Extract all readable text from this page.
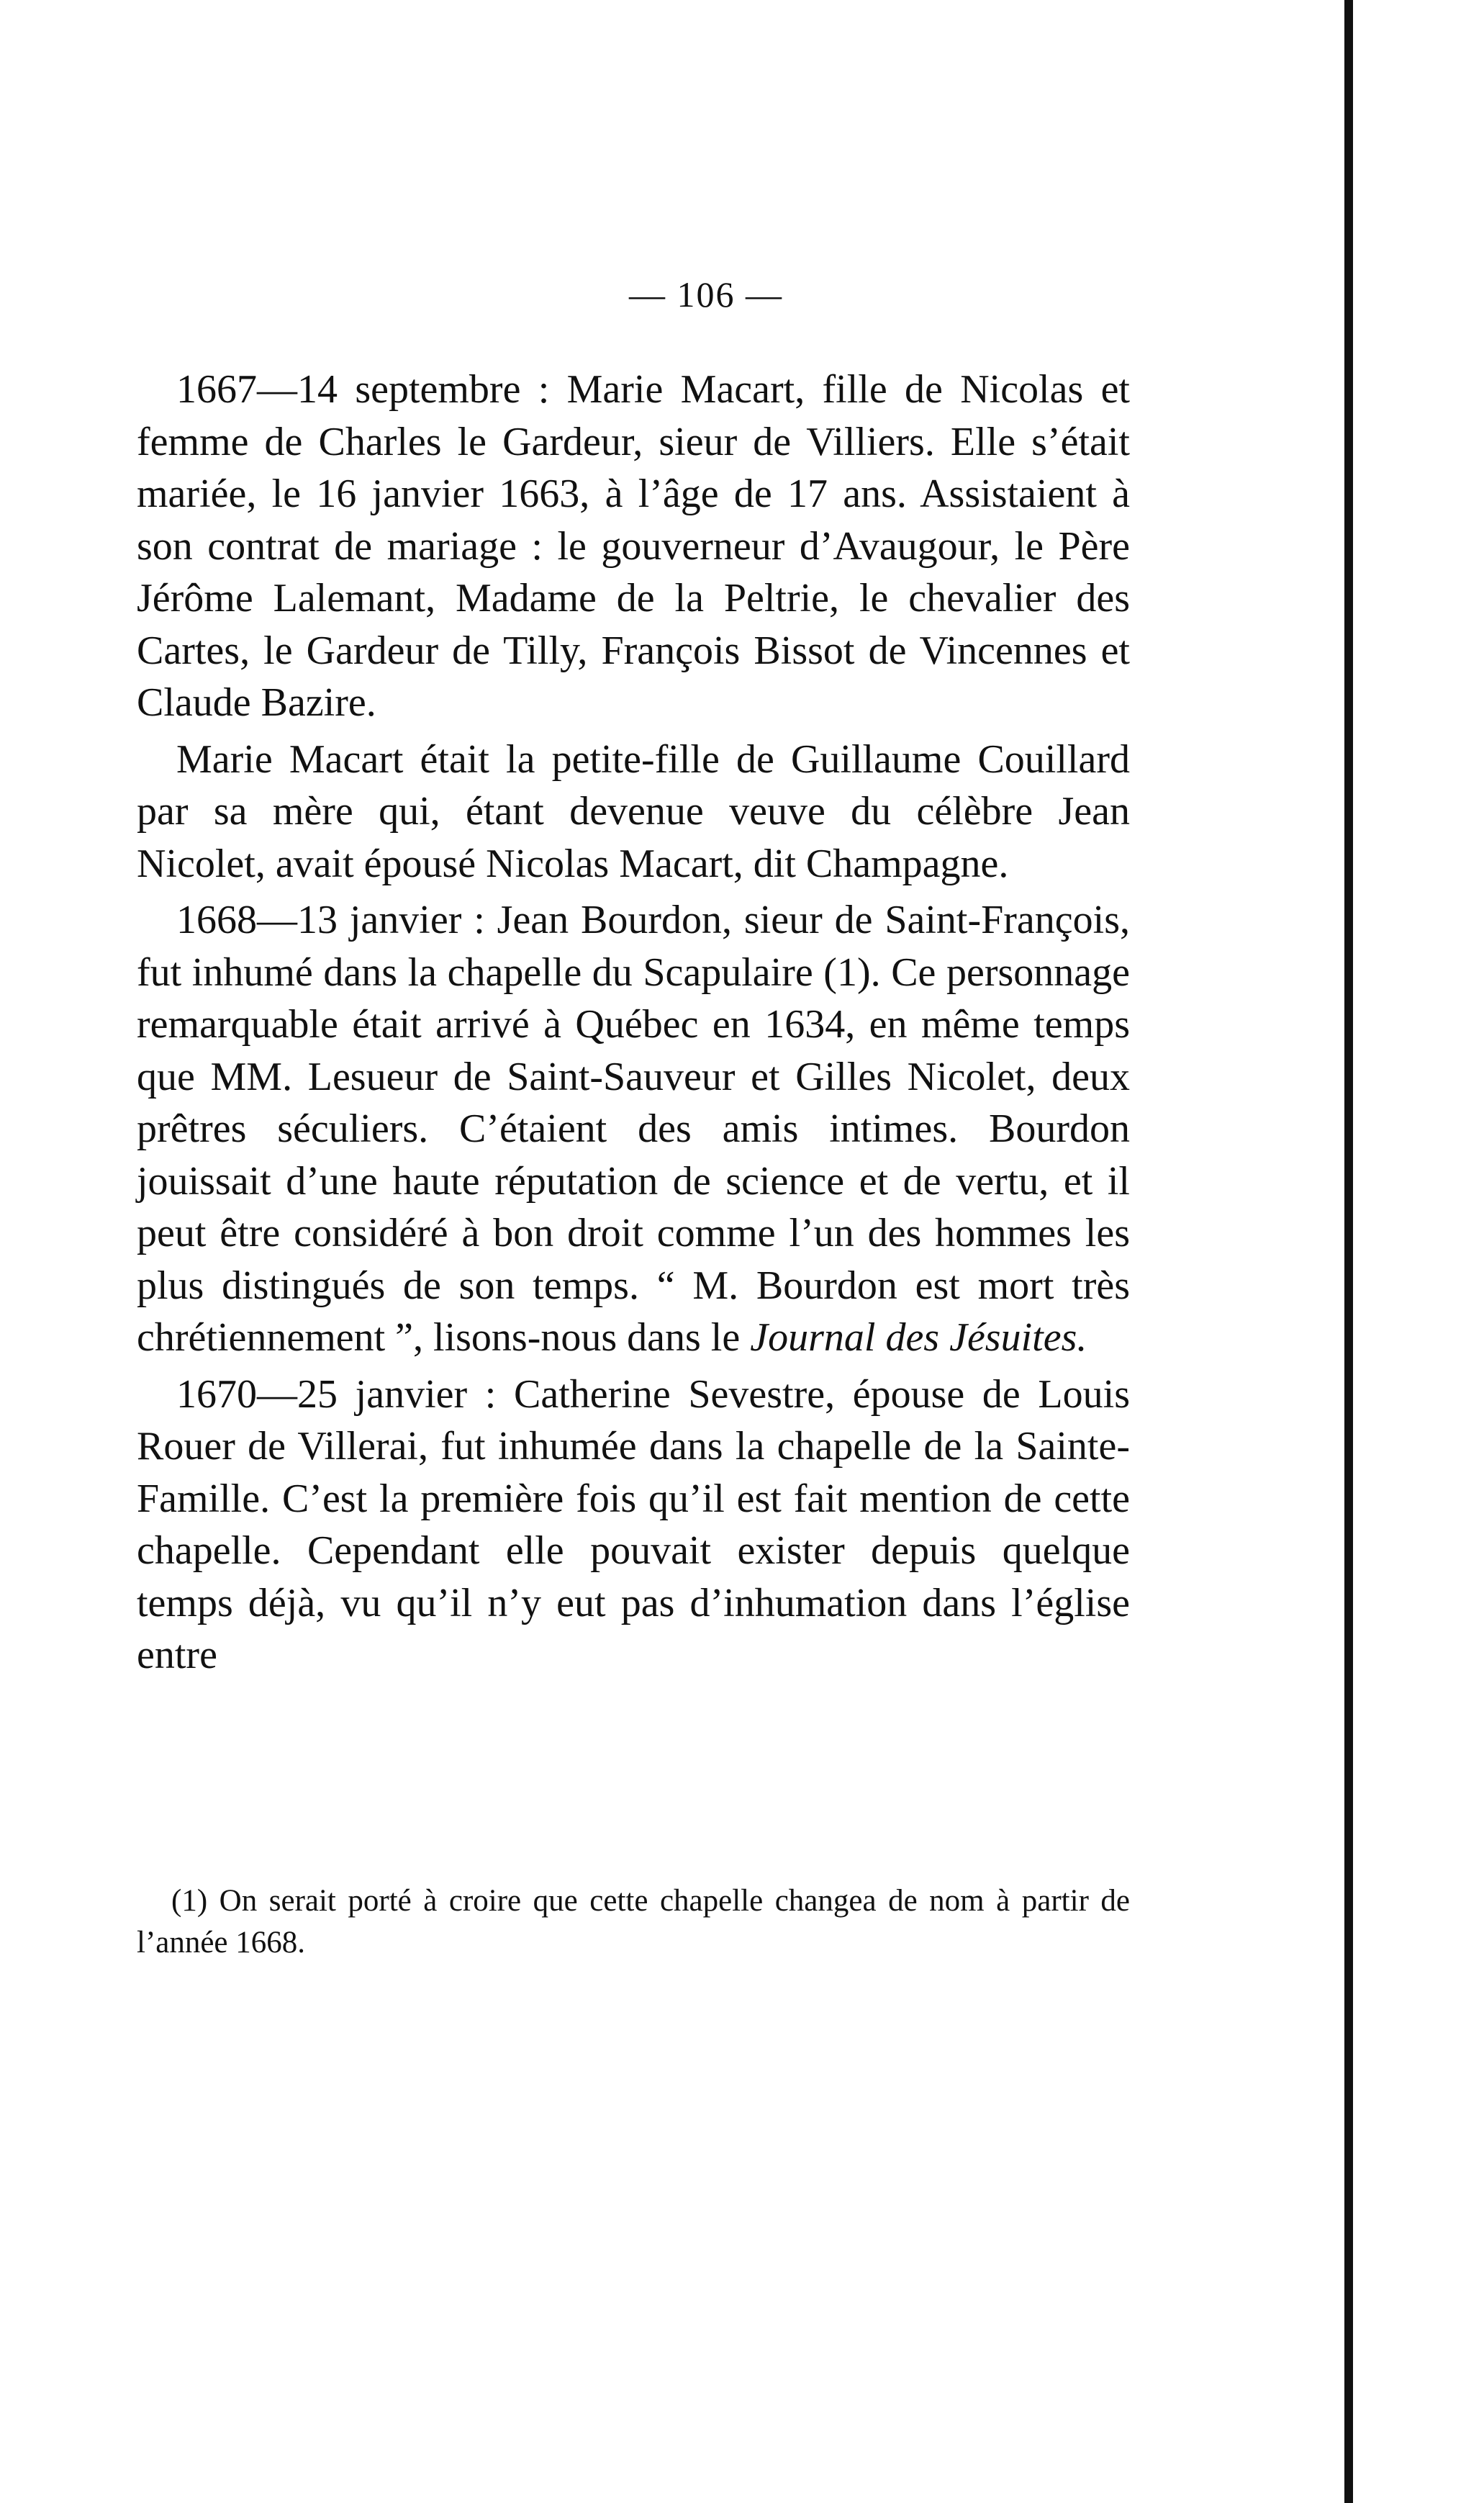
— 106 —

1667—14 septembre : Marie Macart, fille de Nicolas et femme de Charles le Gardeur, sieur de Villiers. Elle s’était mariée, le 16 janvier 1663, à l’âge de 17 ans. Assistaient à son contrat de mariage : le gouverneur d’Avaugour, le Père Jérôme Lalemant, Madame de la Peltrie, le chevalier des Cartes, le Gardeur de Tilly, François Bissot de Vincennes et Claude Bazire.

Marie Macart était la petite-fille de Guillaume Couillard par sa mère qui, étant devenue veuve du célèbre Jean Nicolet, avait épousé Nicolas Macart, dit Champagne.

1668—13 janvier : Jean Bourdon, sieur de Saint-François, fut inhumé dans la chapelle du Scapulaire (1). Ce personnage remarquable était arrivé à Québec en 1634, en même temps que MM. Lesueur de Saint-Sauveur et Gilles Nicolet, deux prêtres séculiers. C’étaient des amis intimes. Bourdon jouissait d’une haute réputation de science et de vertu, et il peut être considéré à bon droit comme l’un des hommes les plus distingués de son temps. “ M. Bourdon est mort très chrétiennement ”, lisons-nous dans le Journal des Jésuites.

1670—25 janvier : Catherine Sevestre, épouse de Louis Rouer de Villerai, fut inhumée dans la chapelle de la Sainte-Famille. C’est la première fois qu’il est fait mention de cette chapelle. Cependant elle pouvait exister depuis quelque temps déjà, vu qu’il n’y eut pas d’inhumation dans l’église entre

(1) On serait porté à croire que cette chapelle changea de nom à partir de l’année 1668.
